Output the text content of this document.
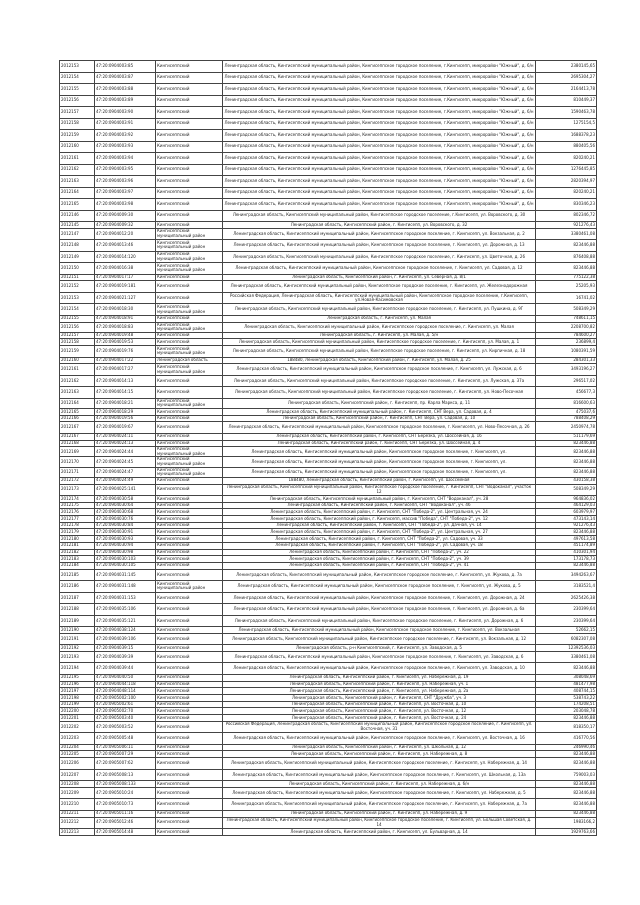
2012153	47:20:0904003:85	Кингисеппский	Ленинградская область, Кингисеппский муниципальный район, Кингисеппское городское поселение, г.Кингисепп, микрорайон "Южный", д. 6/н	2380145,65
2012154	47:20:0904003:87	Кингисеппский	Ленинградская область, Кингисеппский муниципальный район, Кингисеппское городское поселение, г.Кингисепп, микрорайон "Южный", д. 6/н	2695304,27
2012155	47:20:0904003:88	Кингисеппский	Ленинградская область, Кингисеппский муниципальный район, Кингисеппское городское поселение, г.Кингисепп, микрорайон "Южный", д. 6/н	2164413,78
2012156	47:20:0904003:89	Кингисеппский	Ленинградская область, Кингисеппский муниципальный район, Кингисеппское городское поселение, г.Кингисепп, микрорайон "Южный", д. 6/н	810449,37
2012157	47:20:0904003:90	Кингисеппский	Ленинградская область, Кингисеппский муниципальный район, Кингисеппское городское поселение, г.Кингисепп, микрорайон "Южный", д. 6/н	1590463,78
2012158	47:20:0904003:91	Кингисеппский	Ленинградская область, Кингисеппский муниципальный район, Кингисеппское городское поселение, г.Кингисепп, микрорайон "Южный", д. 6/н	1275154,5
2012159	47:20:0904003:92	Кингисеппский	Ленинградская область, Кингисеппский муниципальный район, Кингисеппское городское поселение, г.Кингисепп, микрорайон "Южный", д. 6/н	1688378,23
2012160	47:20:0904003:93	Кингисеппский	Ленинградская область, Кингисеппский муниципальный район, Кингисеппское городское поселение, г.Кингисепп, микрорайон "Южный", д. 6/н	880405,56
2012161	47:20:0904003:94	Кингисеппский	Ленинградская область, Кингисеппский муниципальный район, Кингисеппское городское поселение, г.Кингисепп, микрорайон "Южный", д. 6/н	820240,21
2012162	47:20:0904003:95	Кингисеппский	Ленинградская область, Кингисеппский муниципальный район, Кингисеппское городское поселение, г.Кингисепп, микрорайон "Южный", д. 6/н	1276445,85
2012163	47:20:0904003:96	Кингисеппский	Ленинградская область, Кингисеппский муниципальный район, Кингисеппское городское поселение, г.Кингисепп, микрорайон "Южный", д. 6/н	2820394,97
2012164	47:20:0904003:97	Кингисеппский	Ленинградская область, Кингисеппский муниципальный район, Кингисеппское городское поселение, г.Кингисепп, микрорайон "Южный", д. 6/н	820240,21
2012165	47:20:0904003:98	Кингисеппский	Ленинградская область, Кингисеппский муниципальный район, Кингисеппское городское поселение, г.Кингисепп, микрорайон "Южный", д. 6/н	830346,23
2012146	47:20:0904009:30	Кингисеппский	Ленинградская область, Кингисеппский муниципальный район, Кингисеппское городское поселение, г.Кингисепп, ул. Воровского, д. 30	802346,72
2012145	47:20:0904009:32	Кингисеппский	Ленинградская область, Кингисеппский район, г. Кингисепп, ул. Воровского, д. 32	921276,43
2012147	47:20:0904012:20	Кингисеппский муниципальный район	Ленинградская область, Кингисеппский муниципальный район, Кингисеппское городское поселение, г. Кингисепп, ул. Вокзальная, д. 2	3380461,08
2012148	47:20:0904013:46	Кингисеппский муниципальный район	Ленинградская область, Кингисеппский муниципальный район, Кингисеппское городское поселение, г. Кингисепп, ул. Дорожная, д. 13	823446,88
2012149	47:20:0904014:120	Кингисеппский муниципальный район	Ленинградская область, Кингисеппский муниципальный район, Кингисеппское городское поселение, г. Кингисепп, ул. Цветочная, д. 26	876408,88
2012150	47:20:0904016:38	Кингисеппский муниципальный район	Ленинградская область, Кингисеппский муниципальный район, Кингисеппское городское поселение, г. Кингисепп, ул. Садовая, д. 12	823446,88
2012151	47:20:0904017:17	Кингисеппский	Ленинградская область, Кингисеппский район, г. Кингисепп, ул. Северная, д. 8/1	775122,38
2012152	47:20:0904019:181	Кингисеппский	Ленинградская область, Кингисеппский муниципальный район, Кингисеппское городское поселение, г. Кингисепп, ул. Железнодорожная	25205,93
2012153	47:20:0904021:127	Кингисеппский	Российская Федерация, Ленинградская область, Кингисеппский муниципальный район, Кингисеппское городское поселение, г.Кингисепп, ул.Новая-Касимовская	16741,02
2012154	47:20:0904018:30	Кингисеппский муниципальный район	Ленинградская область, Кингисеппский муниципальный район, Кингисеппское городское поселение, г. Кингисепп, ул. Пушкина, д. 9Г	508349,29
2012155	47:20:0904018:91	Кингисеппский	Ленинградская область, г. Кингисепп, ул. Малая	748611,15
2012156	47:20:0904018:83	Кингисеппский муниципальный район	Ленинградская область, Кингисеппский муниципальный район, Кингисеппское городское поселение, г. Кингисепп, ул. Малая	2208700,82
2012157	47:20:0904019:48	Кингисеппский	Ленинградская область, г. Кингисепп, ул. Малая, д. 5/н	784600,27
2012158	47:20:0904019:53	Кингисеппский	Ленинградская область, Кингисеппский муниципальный район, Кингисеппское городское поселение, г. Кингисепп, ул. Малая, д. 1	236899,4
2012159	47:20:0904019:76	Кингисеппский муниципальный район	Ленинградская область, Кингисеппский муниципальный район, Кингисеппское городское поселение, г. Кингисепп, ул. Кирпичная, д. 18	1080391,59
2012160	47:20:0904017:22	Ленинградская область	188480, Ленинградская область, Кингисеппский район, г. Кингисепп, ул. Малая, д. 25	284301,33
2012161	47:20:0904017:27	Кингисеппский муниципальный район	Ленинградская область, Кингисеппский муниципальный район, Кингисеппское городское поселение, г. Кингисепп, ул. Лужская, д. 6	3493196,27
2012162	47:20:0904014:13	Кингисеппский	Ленинградская область, Кингисеппский муниципальный район, Кингисеппское городское поселение, г. Кингисепп, ул. Лужская, д. 37а	296517,02
2012163	47:20:0904014:15	Кингисеппский	Ленинградская область, Кингисеппский муниципальный район, Кингисеппское городское поселение, г. Кингисепп, ул. Ново-Песочная	456677,3
2012164	47:20:0904018:21	Кингисеппский муниципальный район	Ленинградская область, Кингисеппский район, г. Кингисепп, пр. Карла Маркса, д. 11	816600,63
2012165	47:20:0904018:29	Кингисеппский	Ленинградская область, Кингисеппский муниципальный район, г. Кингисепп, СНТ Вера, ул. Садовая, д. 4	475037,6
2012166	47:20:0904019:56	Кингисеппский	Ленинградская область, Кингисеппский район, г. Кингисепп, СНТ Вера, ул. Садовая, д. 10	788408,29
2012167	47:20:0904019:67	Кингисеппский	Ленинградская область, Кингисеппский муниципальный район, Кингисеппское городское поселение, г. Кингисепп, ул. Ново-Песочная, д. 26	2450974,78
2012167	47:20:0904024:11	Кингисеппский	Ленинградская область, Кингисеппский район, г. Кингисепп, СНТ Березка, ул. Шоссейная, д. 16	511179,69
2012168	47:20:0904024:13	Кингисеппский	Ленинградская область, Кингисеппский район, г. Кингисепп, СНТ Березка, ул. Шоссейная, д. 4	823446,88
2012169	47:20:0904024:44	Кингисеппский муниципальный район	Ленинградская область, Кингисеппский муниципальный район, Кингисеппское городское поселение, г. Кингисепп, ул.	823446,88
2012170	47:20:0904024:45	Кингисеппский муниципальный район	Ленинградская область, Кингисеппский муниципальный район, Кингисеппское городское поселение, г. Кингисепп, ул.	823446,88
2012171	47:20:0904024:47	Кингисеппский муниципальный район	Ленинградская область, Кингисеппский муниципальный район, Кингисеппское городское поселение, г. Кингисепп, ул.	823446,88
2012172	47:20:0904024:49	Кингисеппский	188480, Ленинградская область, Кингисеппский район, г. Кингисепп, ул. Шоссейная	430158,38
2012173	47:20:0904025:141	Кингисеппский	Ленинградская область, Кингисеппский муниципальный район, Кингисеппское городское поселение, г. Кингисепп, СНТ "Водоканал", участок 12	508349,29
2012174	47:20:0904030:58	Кингисеппский	Ленинградская область, Кингисеппский муниципальный район, г. Кингисепп, СНТ "Водоканал", уч. 28	964836,02
2012175	47:20:0904030:64	Кингисеппский	Ленинградская область, Кингисеппский район, г. Кингисепп, СНТ "Водоканал", уч. 46	464129,03
2012176	47:20:0904030:68	Кингисеппский	Ленинградская область, Кингисеппский район, г. Кингисепп, СНТ "Победа-2", ул. Центральная, уч. 24	603979,97
2012177	47:20:0904030:76	Кингисеппский	Ленинградская область, Кингисеппский район, г. Кингисепп, массив "Победа", СНТ "Победа-2", уч. 12	473143,14
2012178	47:20:0904030:84	Кингисеппский	Ленинградская область, Кингисеппский район, г. Кингисепп, СНТ "Победа-2", ул. Дачная, уч. 14	921276,43
2012179	47:20:0904030:91	Кингисеппский	Ленинградская область, Кингисеппский район, г. Кингисепп, СНТ "Победа-2", ул. Центральная, уч. 27	823446,88
2012180	47:20:0904030:93	Кингисеппский	Ленинградская область, Кингисеппский район, г. Кингисепп, СНТ "Победа-2", ул. Садовая, уч. 33	497613,58
2012181	47:20:0904030:94	Кингисеппский	Ленинградская область, Кингисеппский район, г. Кингисепп, СНТ "Победа-2", ул. Садовая, уч. 18	451174,89
2012182	47:20:0904030:98	Кингисеппский	Ленинградская область, Кингисеппский район, г. Кингисепп, СНТ "Победа-2", уч. 22	410301,94
2012183	47:20:0904030:103	Кингисеппский	Ленинградская область, Кингисеппский район, г. Кингисепп, СНТ "Победа-2", уч. 39	173178,73
2012184	47:20:0904030:105	Кингисеппский	Ленинградская область, Кингисеппский район, г. Кингисепп, СНТ "Победа-2", уч. 41	823446,88
2012185	47:20:0904031:145	Кингисеппский	Ленинградская область, Кингисеппский муниципальный район, Кингисеппское городское поселение, г. Кингисепп, ул. Жукова, д. 7а	3494263,67
2012186	47:20:0904031:148	Кингисеппский муниципальный район	Ленинградская область, Кингисеппский муниципальный район, Кингисеппское городское поселение, г. Кингисепп, ул. Жукова, д. 5	3183521,4
2012187	47:20:0904031:153	Кингисеппский	Ленинградская область, Кингисеппский муниципальный район, Кингисеппское городское поселение, г. Кингисепп, ул. Дорожная, д. 24	2625426,38
2012188	47:20:0904035:106	Кингисеппский	Ленинградская область, Кингисеппский муниципальный район, Кингисеппское городское поселение, г. Кингисепп, ул. Дорожная, д. 6а	230399,64
2012189	47:20:0904035:121	Кингисеппский	Ленинградская область, Кингисеппский муниципальный район, Кингисеппское городское поселение, г. Кингисепп, ул. Дорожная, д. 6	230399,64
2012190	47:20:0904038:124	Кингисеппский	Ленинградская область, Кингисеппский муниципальный район, Кингисеппское городское поселение, г. Кингисепп, ул. Вокзальная	52662,15
2012191	47:20:0904039:106	Кингисеппский	Ленинградская область, Кингисеппский муниципальный район, Кингисеппское городское поселение, г. Кингисепп, ул. Вокзальная, д. 12	6082307,08
2012192	47:20:0904039:15	Кингисеппский	Ленинградская область, р-н Кингисеппский, г. Кингисепп, ул. Заводская, д. 5	12392536,03
2012193	47:20:0904039:39	Кингисеппский	Ленинградская область, Кингисеппский муниципальный район, Кингисеппское городское поселение, г. Кингисепп, ул. Заводская, д. 6	3380461,08
2012194	47:20:0904039:44	Кингисеппский	Ленинградская область, Кингисеппский муниципальный район, Кингисеппское городское поселение, г. Кингисепп, ул. Заводская, д. 10	823446,88
2012195	47:20:0904040:50	Кингисеппский	Ленинградская область, Кингисеппский район, г. Кингисепп, ул. Набережная, д. 19	308048,69
2012196	47:20:0904044:118	Кингисеппский	Ленинградская область, Кингисеппский район, г. Кингисепп, ул. Набережная, уч. 1	481477,98
2012197	47:20:0904048:114	Кингисеппский	Ленинградская область, Кингисеппский район, г. Кингисепп, ул. Набережная, д. 2а	408744,15
2012198	47:20:0905002:100	Кингисеппский	Ленинградская область, Кингисеппский район, г. Кингисепп, СНТ "Дружба", уч. 3	538743,22
2012199	47:20:0905002:61	Кингисеппский	Ленинградская область, Кингисеппский район, г. Кингисепп, ул. Восточная, д. 10	174208,51
2012200	47:20:0905002:70	Кингисеппский	Ленинградская область, Кингисеппский район, г. Кингисепп, ул. Восточная, д. 12	203048,78
2012201	47:20:0905003:40	Кингисеппский	Ленинградская область, Кингисеппский район, г. Кингисепп, ул. Восточная, д. 24	823446,88
2012202	47:20:0905003:52	Кингисеппский	Российская Федерация, Ленинградская область, Кингисеппский муниципальный район, Кингисеппское городское поселение, г. Кингисепп, ул. Восточная, уч. 31	818350,17
2012203	47:20:0905005:48	Кингисеппский	Ленинградская область, Кингисеппский муниципальный район, Кингисеппское городское поселение, г. Кингисепп, ул. Восточная, д. 16	416770,56
2012204	47:20:0905006:11	Кингисеппский	Ленинградская область, Кингисеппский район, г. Кингисепп, ул. Школьная, д. 12	246990,46
2012205	47:20:0905007:29	Кингисеппский	Ленинградская область, Кингисеппский район, г. Кингисепп, ул. Набережная, д. 8	823446,88
2012206	47:20:0905007:62	Кингисеппский	Ленинградская область, Кингисеппский муниципальный район, Кингисеппское городское поселение, г. Кингисепп, ул. Набережная, д. 14	823446,88
2012207	47:20:0905008:13	Кингисеппский	Ленинградская область, Кингисеппский муниципальный район, Кингисеппское городское поселение, г. Кингисепп, ул. Школьная, д. 13а	759003,03
2012208	47:20:0905008:133	Кингисеппский	Ленинградская область, Кингисеппский район, г. Кингисепп, ул. Набережная, д. 6/н	823446,88
2012209	47:20:0905010:24	Кингисеппский	Ленинградская область, Кингисеппский муниципальный район, Кингисеппское городское поселение, г. Кингисепп, ул. Набережная, д. 5	823446,88
2012210	47:20:0905010:73	Кингисеппский	Ленинградская область, Кингисеппский муниципальный район, Кингисеппское городское поселение, г. Кингисепп, ул. Набережная, д. 7а	823446,88
2012211	47:20:0905011:16	Кингисеппский	Ленинградская область, Кингисеппский район, г. Кингисепп, ул. Набережная, д. 9	823446,88
2012212	47:20:0905012:46	Кингисеппский	Ленинградская область, Кингисеппский муниципальный район, Кингисеппское городское поселение, г. Кингисепп, ул. Большая Советская, д. 14	1983166,2
2012213	47:20:0905014:48	Кингисеппский	Ленинградская область, Кингисеппский район, г. Кингисепп, ул. Бульварная, д. 14	1929763,66
